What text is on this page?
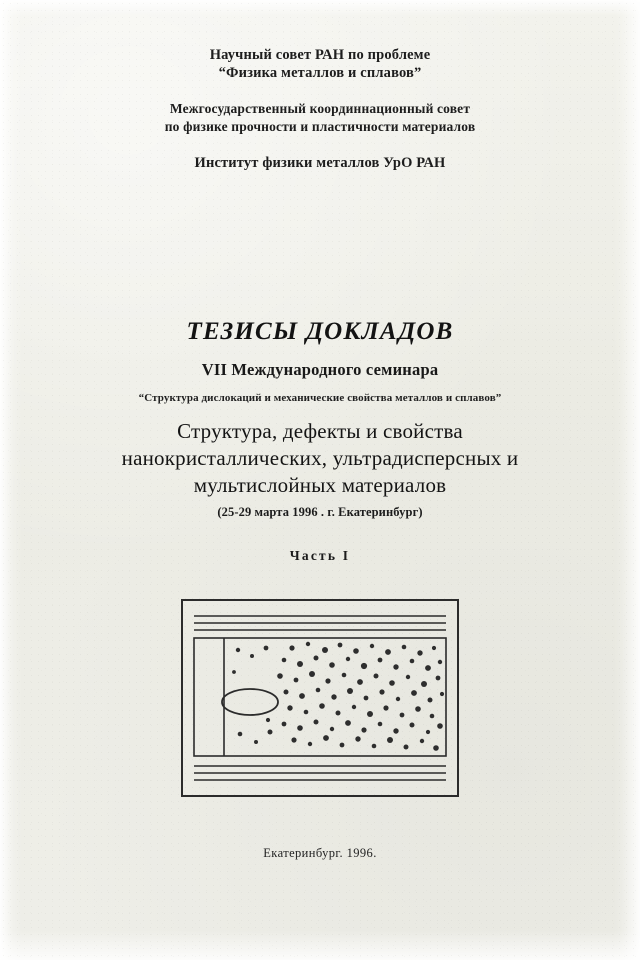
Научный совет РАН по проблеме
“Физика металлов и сплавов”
Межгосударственный координнационный совет
по физике прочности и пластичности материалов
Институт физики металлов УрО РАН
ТЕЗИСЫ ДОКЛАДОВ
VII Международного семинара
“Структура дислокаций и механические свойства металлов и сплавов”
Структура, дефекты и свойства
нанокристаллических, ультрадисперсных и
мультислойных материалов
(25-29 марта 1996 . г. Екатеринбург)
Часть I
Екатеринбург. 1996.
